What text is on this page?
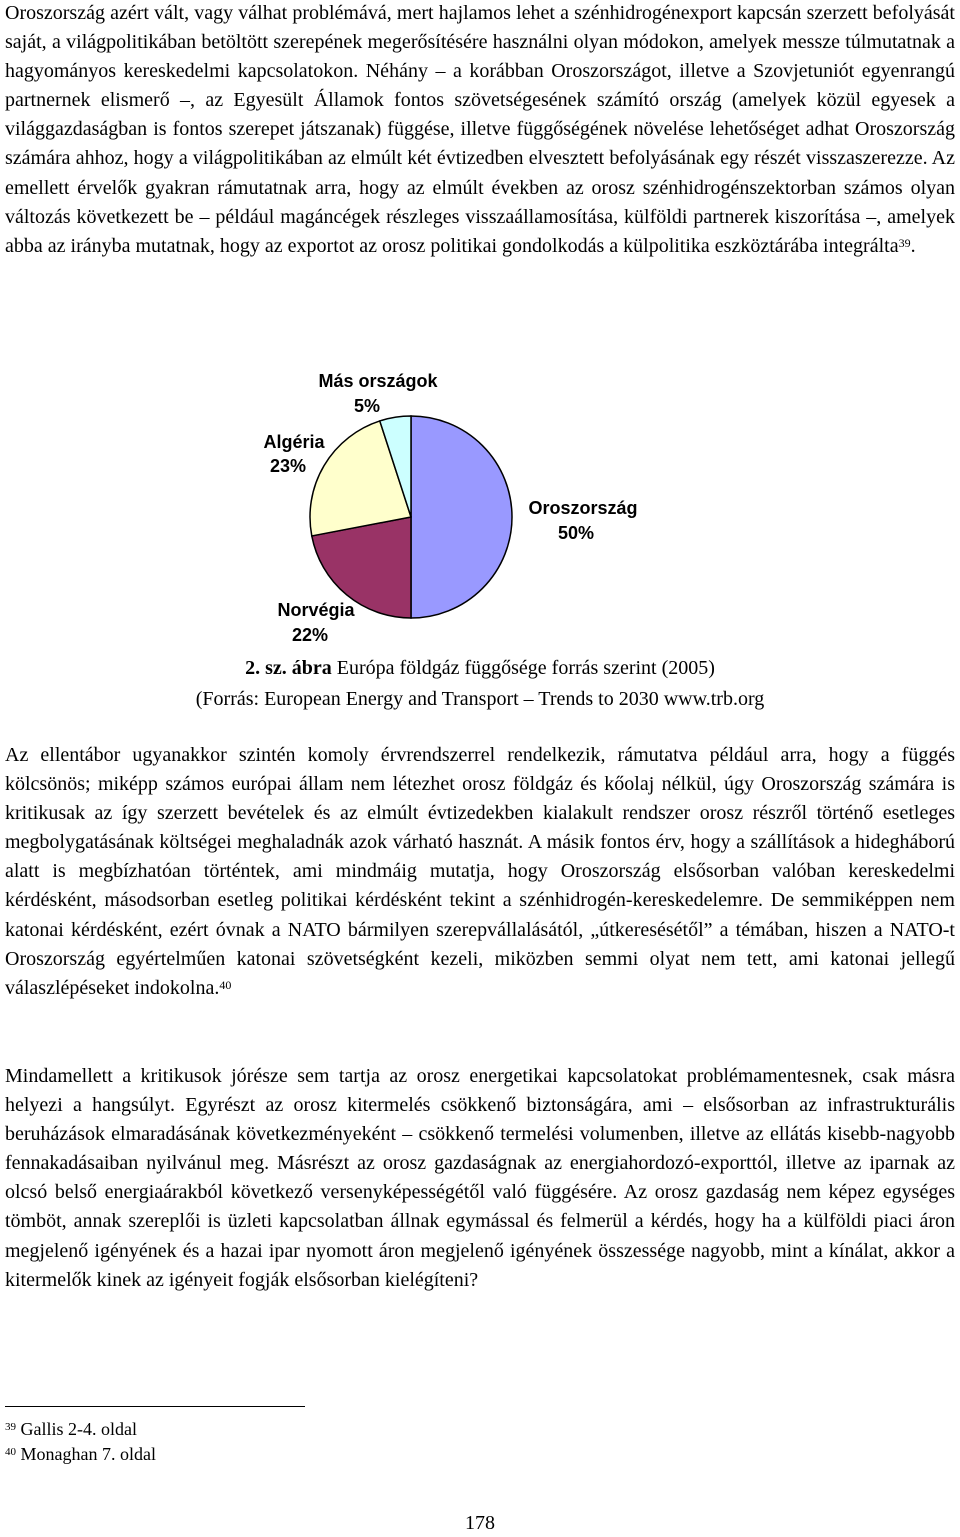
Oroszország azért vált, vagy válhat problémává, mert hajlamos lehet a szénhidrogénexport kapcsán szerzett befolyását saját, a világpolitikában betöltött szerepének megerősítésére használni olyan módokon, amelyek messze túlmutatnak a hagyományos kereskedelmi kapcsolatokon. Néhány – a korábban Oroszországot, illetve a Szovjetuniót egyenrangú partnernek elismerő –, az Egyesült Államok fontos szövetségesének számító ország (amelyek közül egyesek a világgazdaságban is fontos szerepet játszanak) függése, illetve függőségének növelése lehetőséget adhat Oroszország számára ahhoz, hogy a világpolitikában az elmúlt két évtizedben elvesztett befolyásának egy részét visszaszerezze. Az emellett érvelők gyakran rámutatnak arra, hogy az elmúlt években az orosz szénhidrogénszektorban számos olyan változás következett be – például magáncégek részleges visszaállamosítása, külföldi partnerek kiszorítása –, amelyek abba az irányba mutatnak, hogy az exportot az orosz politikai gondolkodás a külpolitika eszköztárába integrálta$^{39}$.

Oroszország
50%
Norvégia
22%
Algéria
23%
Más országok
5%

2. sz. ábra Európa földgáz függősége forrás szerint (2005)

(Forrás: European Energy and Transport – Trends to 2030 www.trb.org

Az ellentábor ugyanakkor szintén komoly érvrendszerrel rendelkezik, rámutatva például arra, hogy a függés kölcsönös; miképp számos európai állam nem létezhet orosz földgáz és kőolaj nélkül, úgy Oroszország számára is kritikusak az így szerzett bevételek és az elmúlt évtizedekben kialakult rendszer orosz részről történő esetleges megbolygatásának költségei meghaladnák azok várható hasznát. A másik fontos érv, hogy a szállítások a hidegháború alatt is megbízhatóan történtek, ami mindmáig mutatja, hogy Oroszország elsősorban valóban kereskedelmi kérdésként, másodsorban esetleg politikai kérdésként tekint a szénhidrogén-kereskedelemre. De semmiképpen nem katonai kérdésként, ezért óvnak a NATO bármilyen szerepvállalásától, „útkeresésétől” a témában, hiszen a NATO-t Oroszország egyértelműen katonai szövetségként kezeli, miközben semmi olyat nem tett, ami katonai jellegű válaszlépéseket indokolna.$^{40}$

Mindamellett a kritikusok jórésze sem tartja az orosz energetikai kapcsolatokat problémamentesnek, csak másra helyezi a hangsúlyt. Egyrészt az orosz kitermelés csökkenő biztonságára, ami – elsősorban az infrastrukturális beruházások elmaradásának következményeként – csökkenő termelési volumenben, illetve az ellátás kisebb-nagyobb fennakadásaiban nyilvánul meg. Másrészt az orosz gazdaságnak az energiahordozó-exporttól, illetve az iparnak az olcsó belső energiaárakból következő versenyképességétől való függésére. Az orosz gazdaság nem képez egységes tömböt, annak szereplői is üzleti kapcsolatban állnak egymással és felmerül a kérdés, hogy ha a külföldi piaci áron megjelenő igényének és a hazai ipar nyomott áron megjelenő igényének összessége nagyobb, mint a kínálat, akkor a kitermelők kinek az igényeit fogják elsősorban kielégíteni?

$^{39}$ Gallis 2-4. oldal

$^{40}$ Monaghan 7. oldal

178
